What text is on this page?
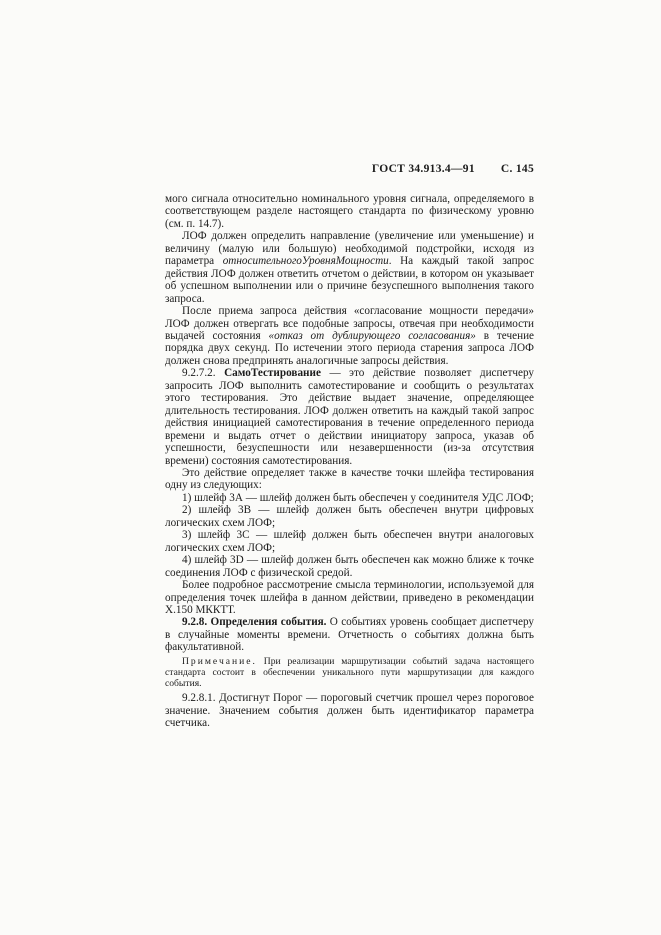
ГОСТ 34.913.4—91 С. 145

мого сигнала относительно номинального уровня сигнала, определяемого в соответствующем разделе настоящего стандарта по физическому уровню (см. п. 14.7).

ЛОФ должен определить направление (увеличение или уменьшение) и величину (малую или большую) необходимой подстройки, исходя из параметра относительногоУровняМощности. На каждый такой запрос действия ЛОФ должен ответить отчетом о действии, в котором он указывает об успешном выполнении или о причине безуспешного выполнения такого запроса.

После приема запроса действия «согласование мощности передачи» ЛОФ должен отвергать все подобные запросы, отвечая при необходимости выдачей состояния «отказ от дублирующего согласования» в течение порядка двух секунд. По истечении этого периода старения запроса ЛОФ должен снова предпринять аналогичные запросы действия.

9.2.7.2. СамоТестирование — это действие позволяет диспетчеру запросить ЛОФ выполнить самотестирование и сообщить о результатах этого тестирования. Это действие выдает значение, определяющее длительность тестирования. ЛОФ должен ответить на каждый такой запрос действия инициацией самотестирования в течение определенного периода времени и выдать отчет о действии инициатору запроса, указав об успешности, безуспешности или незавершенности (из-за отсутствия времени) состояния самотестирования.

Это действие определяет также в качестве точки шлейфа тестирования одну из следующих:

1) шлейф 3А — шлейф должен быть обеспечен у соединителя УДС ЛОФ;

2) шлейф 3В — шлейф должен быть обеспечен внутри цифровых логических схем ЛОФ;

3) шлейф 3С — шлейф должен быть обеспечен внутри аналоговых логических схем ЛОФ;

4) шлейф 3D — шлейф должен быть обеспечен как можно ближе к точке соединения ЛОФ с физической средой.

Более подробное рассмотрение смысла терминологии, используемой для определения точек шлейфа в данном действии, приведено в рекомендации Х.150 МККТТ.

9.2.8. Определения события. О событиях уровень сообщает диспетчеру в случайные моменты времени. Отчетность о событиях должна быть факультативной.

Примечание. При реализации маршрутизации событий задача настоящего стандарта состоит в обеспечении уникального пути маршрутизации для каждого события.

9.2.8.1. Достигнут Порог — пороговый счетчик прошел через пороговое значение. Значением события должен быть идентификатор параметра счетчика.
